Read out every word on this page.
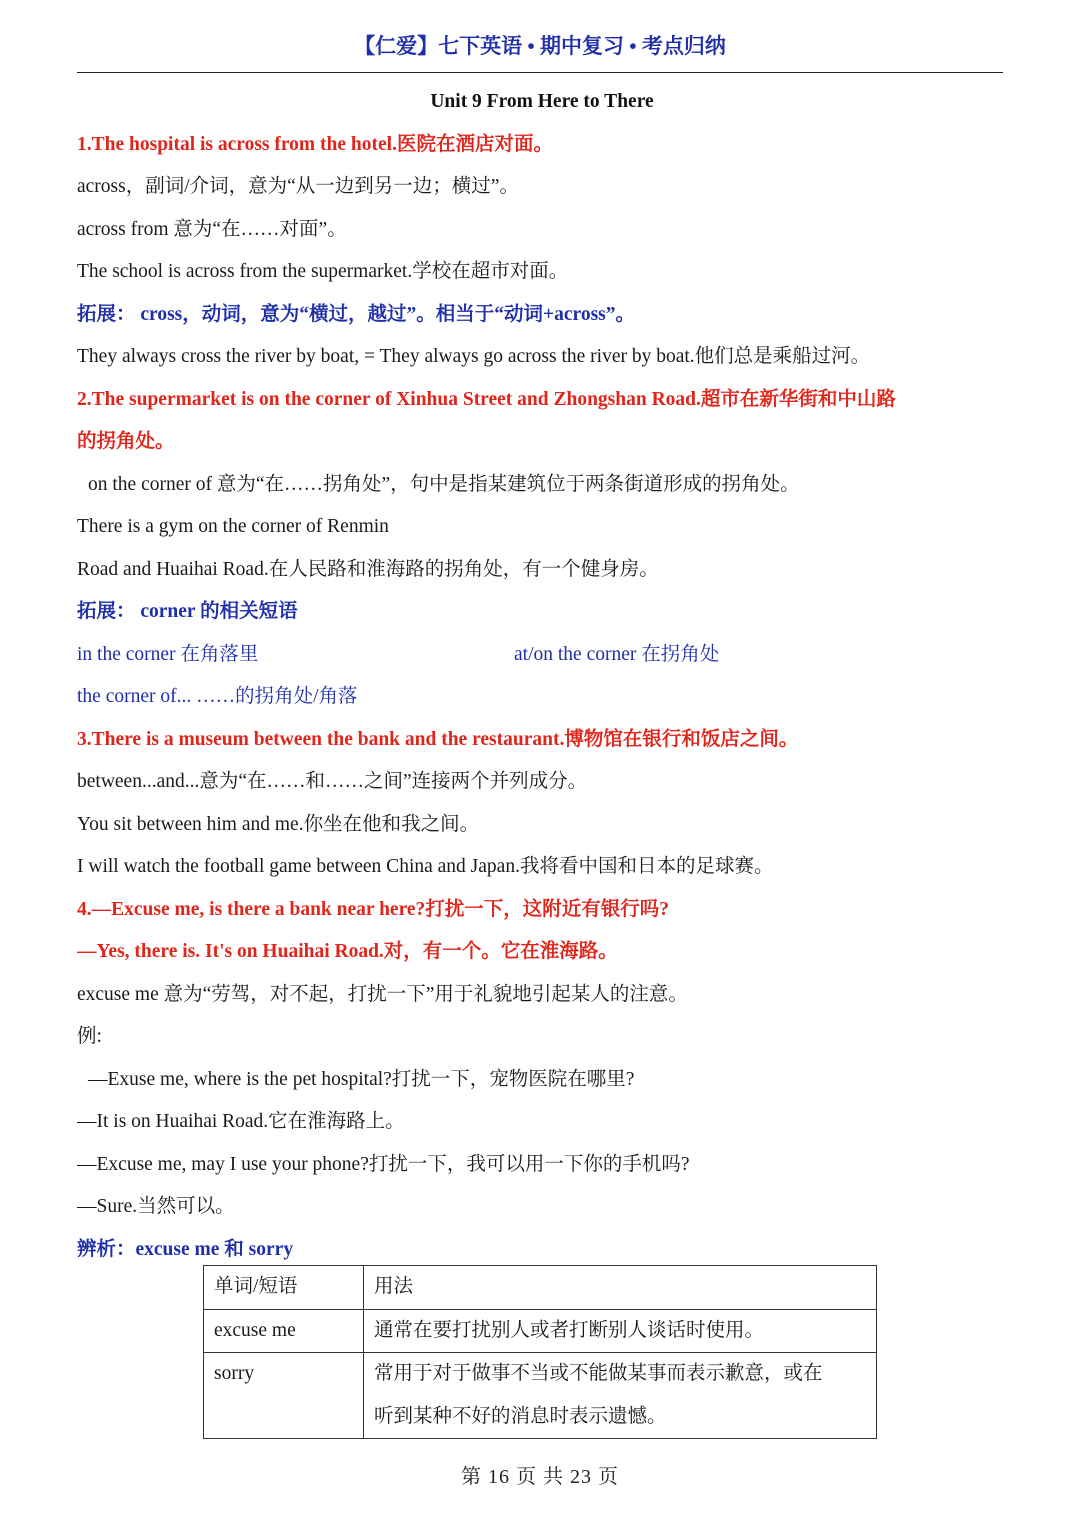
【仁爱】七下英语 • 期中复习 • 考点归纳
Unit 9 From Here to There
1.The hospital is across from the hotel.医院在酒店对面。
across，副词/介词，意为“从一边到另一边；横过”。
across from 意为“在……对面”。
The school is across from the supermarket.学校在超市对面。
拓展： cross，动词，意为“横过，越过”。相当于“动词+across”。
They always cross the river by boat, = They always go across the river by boat.他们总是乘船过河。
2.The supermarket is on the corner of Xinhua Street and Zhongshan Road.超市在新华街和中山路
的拐角处。
on the corner of 意为“在……拐角处”，句中是指某建筑位于两条街道形成的拐角处。
There is a gym on the corner of Renmin
Road and Huaihai Road.在人民路和淮海路的拐角处，有一个健身房。
拓展： corner 的相关短语
in the corner 在角落里	at/on the corner 在拐角处
the corner of... ……的拐角处/角落
3.There is a museum between the bank and the restaurant.博物馆在银行和饭店之间。
between...and...意为“在……和……之间”连接两个并列成分。
You sit between him and me.你坐在他和我之间。
I will watch the football game between China and Japan.我将看中国和日本的足球赛。
4.—Excuse me, is there a bank near here?打扰一下，这附近有银行吗?
—Yes, there is. It's on Huaihai Road.对，有一个。它在淮海路。
excuse me 意为“劳驾，对不起，打扰一下”用于礼貌地引起某人的注意。
例:
—Exuse me, where is the pet hospital?打扰一下，宠物医院在哪里?
—It is on Huaihai Road.它在淮海路上。
—Excuse me, may I use your phone?打扰一下，我可以用一下你的手机吗?
—Sure.当然可以。
辨析：excuse me 和 sorry
单词/短语	用法
excuse me	通常在要打扰别人或者打断别人谈话时使用。
sorry	常用于对于做事不当或不能做某事而表示歉意，或在
听到某种不好的消息时表示遗憾。
第 16 页 共 23 页
